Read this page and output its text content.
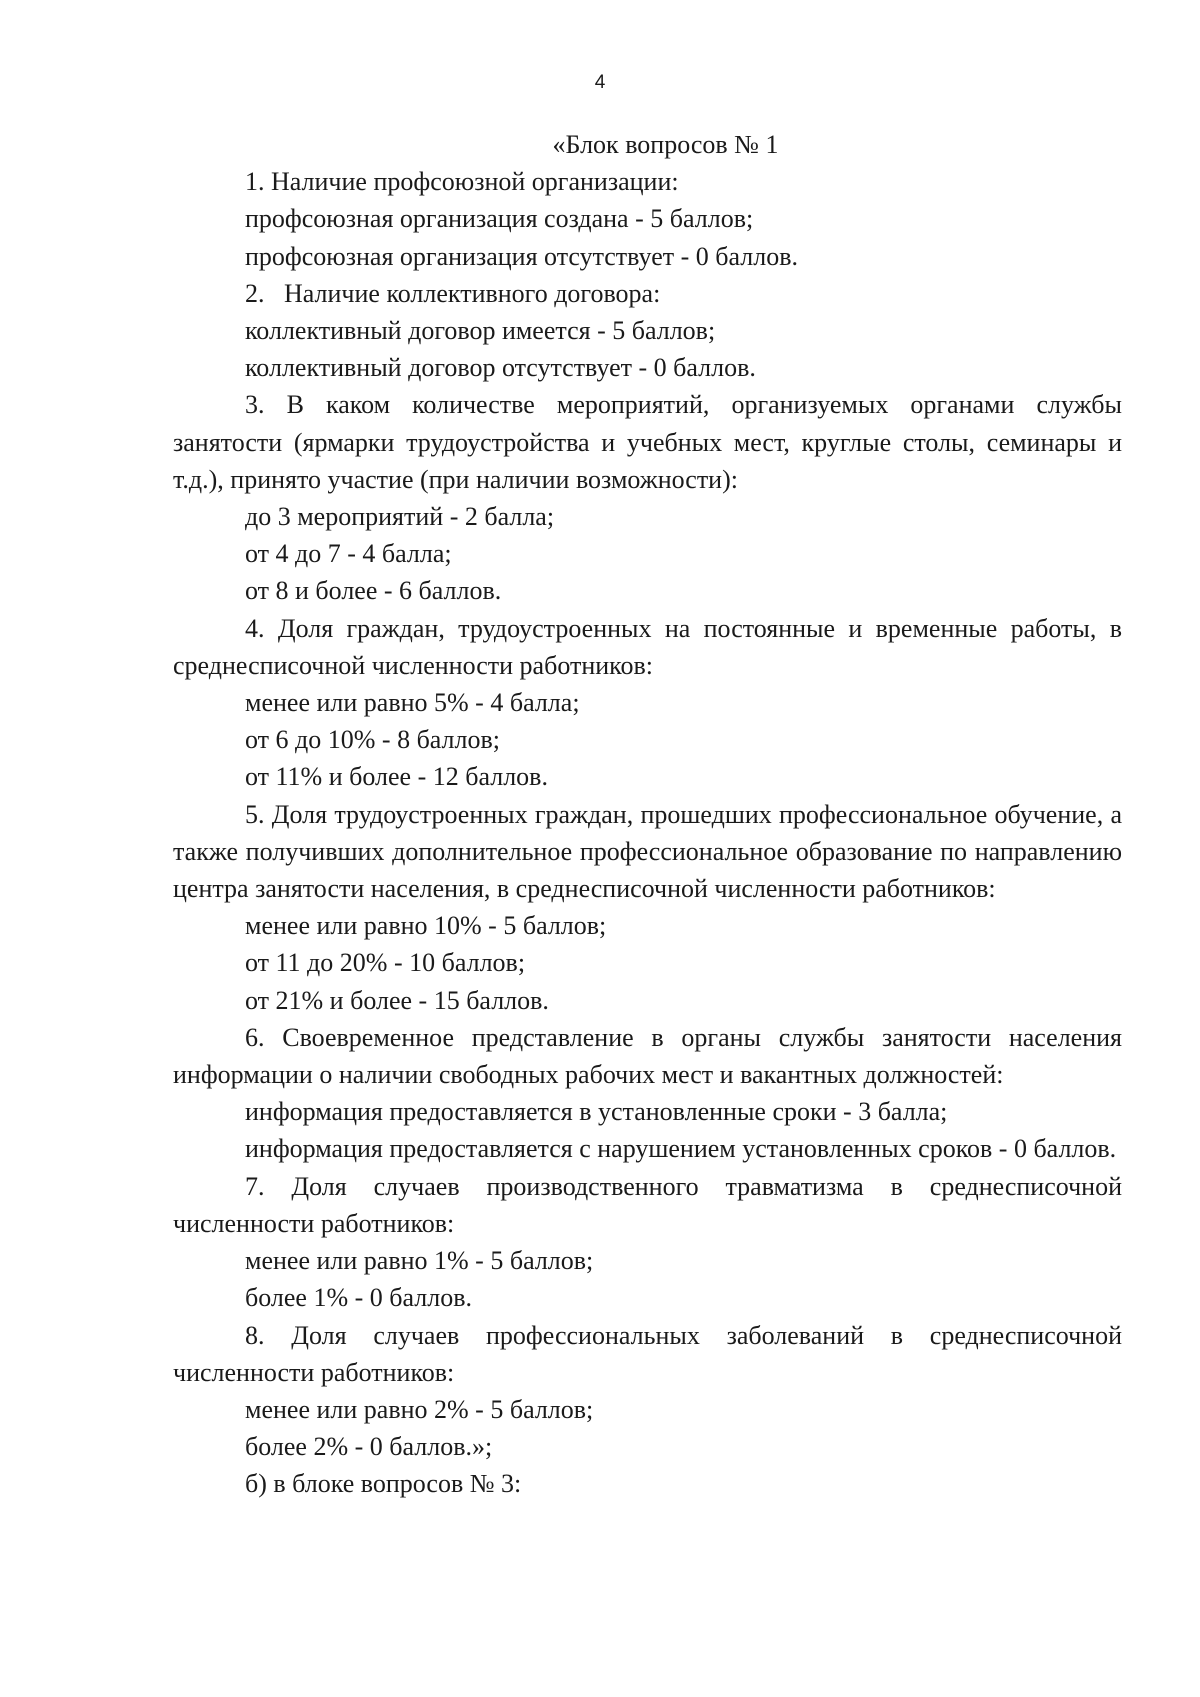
4
«Блок вопросов № 1
1. Наличие профсоюзной организации:
профсоюзная организация создана - 5 баллов;
профсоюзная организация отсутствует - 0 баллов.
2.   Наличие коллективного договора:
коллективный договор имеется - 5 баллов;
коллективный договор отсутствует - 0 баллов.
3. В каком количестве мероприятий, организуемых органами службы занятости (ярмарки трудоустройства и учебных мест, круглые столы, семинары и т.д.), принято участие (при наличии возможности):
до 3 мероприятий - 2 балла;
от 4 до 7 - 4 балла;
от 8 и более - 6 баллов.
4. Доля граждан, трудоустроенных на постоянные и временные работы, в среднесписочной численности работников:
менее или равно 5% - 4 балла;
от 6 до 10% - 8 баллов;
от 11% и более - 12 баллов.
5. Доля трудоустроенных граждан, прошедших профессиональное обучение, а также получивших дополнительное профессиональное образование по направлению центра занятости населения, в среднесписочной численности работников:
менее или равно 10% - 5 баллов;
от 11 до 20% - 10 баллов;
от 21% и более - 15 баллов.
6. Своевременное представление в органы службы занятости населения информации о наличии свободных рабочих мест и вакантных должностей:
информация предоставляется в установленные сроки - 3 балла;
информация предоставляется с нарушением установленных сроков - 0 баллов.
7. Доля случаев производственного травматизма в среднесписочной численности работников:
менее или равно 1% - 5 баллов;
более 1% - 0 баллов.
8. Доля случаев профессиональных заболеваний в среднесписочной численности работников:
менее или равно 2% - 5 баллов;
более 2% - 0 баллов.»;
б) в блоке вопросов № 3:
